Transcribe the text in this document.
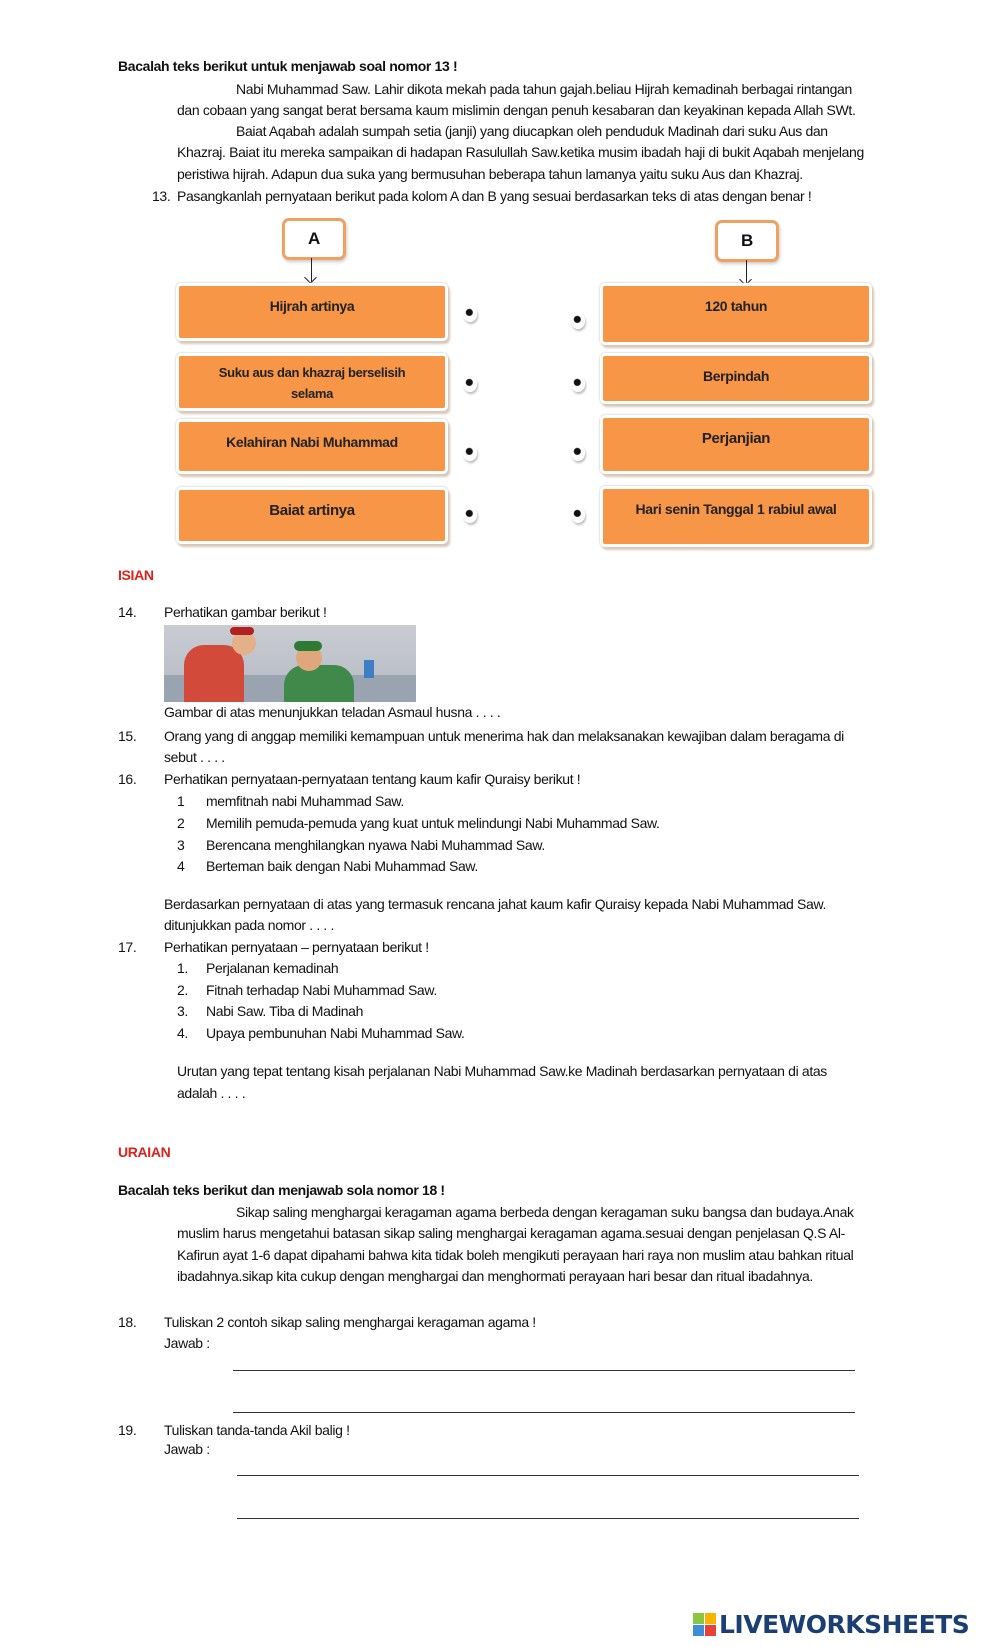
Bacalah teks berikut untuk menjawab soal nomor 13 !
Nabi Muhammad Saw. Lahir dikota mekah pada tahun gajah.beliau Hijrah kemadinah berbagai rintangan
dan cobaan yang sangat berat bersama kaum mislimin dengan penuh kesabaran dan keyakinan kepada Allah SWt.
Baiat Aqabah adalah sumpah setia (janji) yang diucapkan oleh penduduk Madinah dari suku Aus dan
Khazraj. Baiat itu mereka sampaikan di hadapan Rasulullah Saw.ketika musim ibadah haji di bukit Aqabah menjelang
peristiwa hijrah. Adapun dua suka yang bermusuhan beberapa tahun lamanya yaitu suku Aus dan Khazraj.
13. Pasangkanlah pernyataan berikut pada kolom A dan B yang sesuai berdasarkan teks di atas dengan benar !
A	B
Hijrah artinya
Suku aus dan khazraj berselisih selama
Kelahiran Nabi Muhammad
Baiat artinya
120 tahun
Berpindah
Perjanjian
Hari senin Tanggal 1 rabiul awal
ISIAN
14. Perhatikan gambar berikut !
Gambar di atas menunjukkan teladan Asmaul husna . . . .
15. Orang yang di anggap memiliki kemampuan untuk menerima hak dan melaksanakan kewajiban dalam beragama di
sebut . . . .
16. Perhatikan pernyataan-pernyataan tentang kaum kafir Quraisy berikut !
1 memfitnah nabi Muhammad Saw.
2 Memilih pemuda-pemuda yang kuat untuk melindungi Nabi Muhammad Saw.
3 Berencana menghilangkan nyawa Nabi Muhammad Saw.
4 Berteman baik dengan Nabi Muhammad Saw.
Berdasarkan pernyataan di atas yang termasuk rencana jahat kaum kafir Quraisy kepada Nabi Muhammad Saw.
ditunjukkan pada nomor . . . .
17. Perhatikan pernyataan – pernyataan berikut !
1. Perjalanan kemadinah
2. Fitnah terhadap Nabi Muhammad Saw.
3. Nabi Saw. Tiba di Madinah
4. Upaya pembunuhan Nabi Muhammad Saw.
Urutan yang tepat tentang kisah perjalanan Nabi Muhammad Saw.ke Madinah berdasarkan pernyataan di atas
adalah . . . .
URAIAN
Bacalah teks berikut dan menjawab sola nomor 18 !
Sikap saling menghargai keragaman agama berbeda dengan keragaman suku bangsa dan budaya.Anak
muslim harus mengetahui batasan sikap saling menghargai keragaman agama.sesuai dengan penjelasan Q.S Al-
Kafirun ayat 1-6 dapat dipahami bahwa kita tidak boleh mengikuti perayaan hari raya non muslim atau bahkan ritual
ibadahnya.sikap kita cukup dengan menghargai dan menghormati perayaan hari besar dan ritual ibadahnya.
18. Tuliskan 2 contoh sikap saling menghargai keragaman agama !
Jawab :
19. Tuliskan tanda-tanda Akil balig !
Jawab :
LIVEWORKSHEETS
